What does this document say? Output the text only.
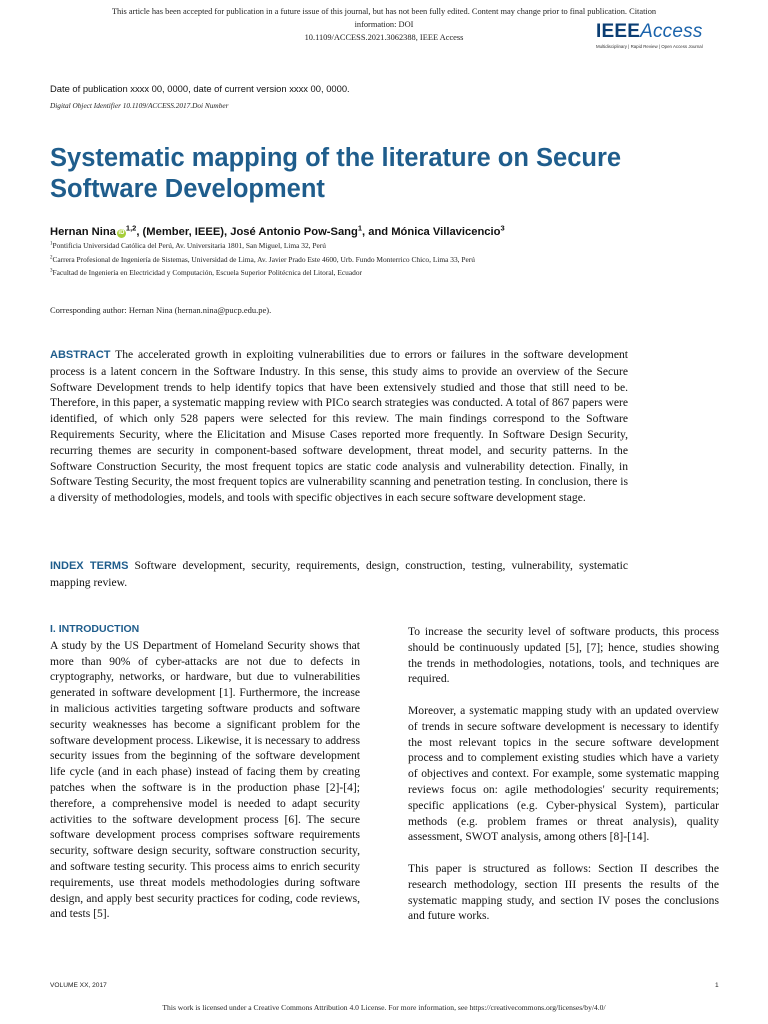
This article has been accepted for publication in a future issue of this journal, but has not been fully edited. Content may change prior to final publication. Citation information: DOI
10.1109/ACCESS.2021.3062388, IEEE Access	IEEEAccess
Multidisciplinary | Rapid Review | Open Access Journal
Date of publication xxxx 00, 0000, date of current version xxxx 00, 0000.
Digital Object Identifier 10.1109/ACCESS.2017.Doi Number
Systematic mapping of the literature on Secure Software Development
Hernan Nina iD$^{1,2}$, (Member, IEEE), José Antonio Pow-Sang$^1$, and Mónica Villavicencio$^3$
$^1$Pontificia Universidad Católica del Perú, Av. Universitaria 1801, San Miguel, Lima 32, Perú
$^2$Carrera Profesional de Ingeniería de Sistemas, Universidad de Lima, Av. Javier Prado Este 4600, Urb. Fundo Monterrico Chico, Lima 33, Perú
$^3$Facultad de Ingeniería en Electricidad y Computación, Escuela Superior Politécnica del Litoral, Ecuador
Corresponding author: Hernan Nina (hernan.nina@pucp.edu.pe).
ABSTRACT The accelerated growth in exploiting vulnerabilities due to errors or failures in the software development process is a latent concern in the Software Industry. In this sense, this study aims to provide an overview of the Secure Software Development trends to help identify topics that have been extensively studied and those that still need to be. Therefore, in this paper, a systematic mapping review with PICo search strategies was conducted. A total of 867 papers were identified, of which only 528 papers were selected for this review. The main findings correspond to the Software Requirements Security, where the Elicitation and Misuse Cases reported more frequently. In Software Design Security, recurring themes are security in component-based software development, threat model, and security patterns. In the Software Construction Security, the most frequent topics are static code analysis and vulnerability detection. Finally, in Software Testing Security, the most frequent topics are vulnerability scanning and penetration testing. In conclusion, there is a diversity of methodologies, models, and tools with specific objectives in each secure software development stage.
INDEX TERMS Software development, security, requirements, design, construction, testing, vulnerability, systematic mapping review.

I. INTRODUCTION

A study by the US Department of Homeland Security shows that more than 90% of cyber-attacks are not due to defects in cryptography, networks, or hardware, but due to vulnerabilities generated in software development [1]. Furthermore, the increase in malicious activities targeting software products and software security weaknesses has become a significant problem for the software development process. Likewise, it is necessary to address security issues from the beginning of the software development life cycle (and in each phase) instead of facing them by creating patches when the software is in the production phase [2]-[4]; therefore, a comprehensive model is needed to adapt security activities to the software development process [6]. The secure software development process comprises software requirements security, software design security, software construction security, and software testing security. This process aims to enrich security requirements, use threat models methodologies during software design, and apply best security practices for coding, code reviews, and tests [5].

To increase the security level of software products, this process should be continuously updated [5], [7]; hence, studies showing the trends in methodologies, notations, tools, and techniques are required.

Moreover, a systematic mapping study with an updated overview of trends in secure software development is necessary to identify the most relevant topics in the secure software development process and to complement existing studies which have a variety of objectives and context. For example, some systematic mapping reviews focus on: agile methodologies' security requirements; specific applications (e.g. Cyber-physical System), particular methods (e.g. problem frames or threat analysis), quality assessment, SWOT analysis, among others [8]-[14].

This paper is structured as follows: Section II describes the research methodology, section III presents the results of the systematic mapping study, and section IV poses the conclusions and future works.

VOLUME XX, 2017	1
This work is licensed under a Creative Commons Attribution 4.0 License. For more information, see https://creativecommons.org/licenses/by/4.0/
